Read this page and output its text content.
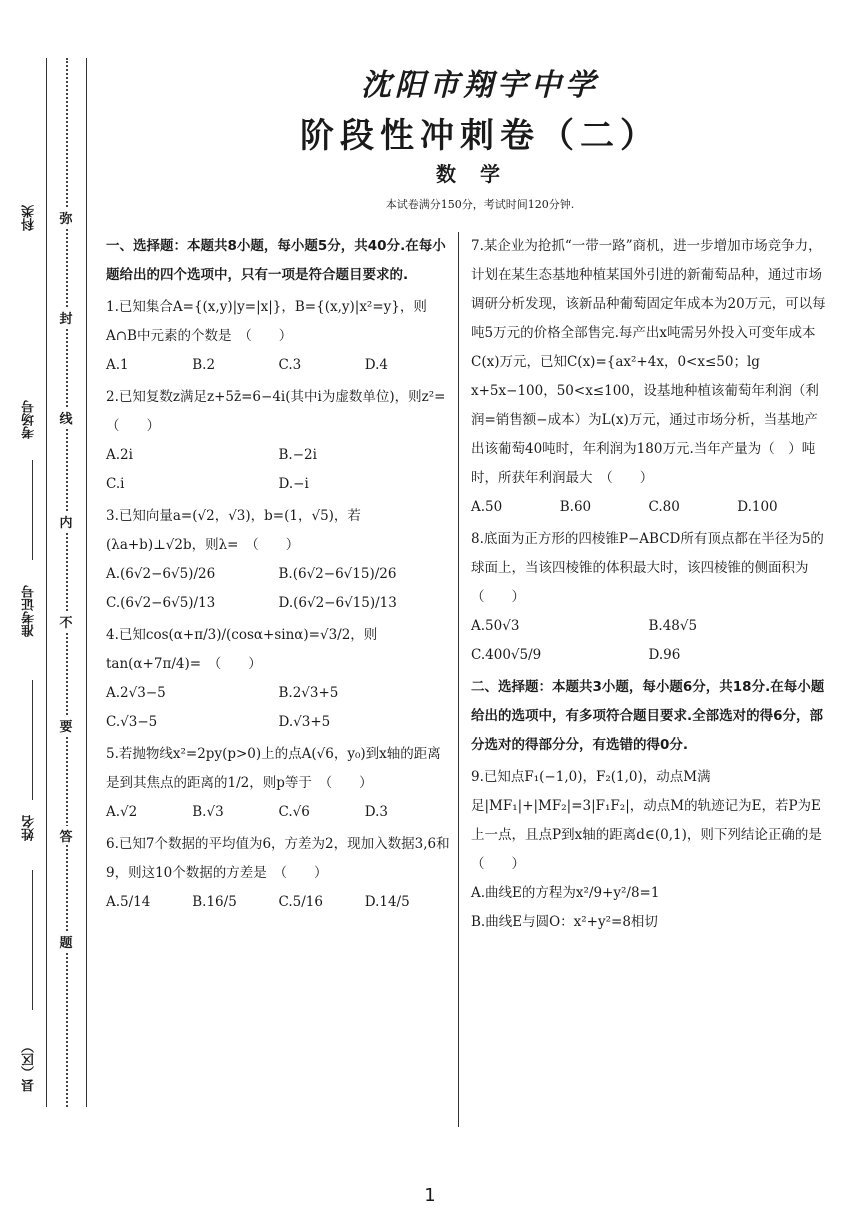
科类
考场号
准考证号
姓名
县（区）
弥
封
线
内
不
要
答
题
沈阳市翔宇中学
阶段性冲刺卷（二）
数学
本试卷满分150分，考试时间120分钟.
一、选择题：本题共8小题，每小题5分，共40分.在每小题给出的四个选项中，只有一项是符合题目要求的.
1.已知集合A={(x,y)|y=|x|}，B={(x,y)|x²=y}，则A∩B中元素的个数是　（　　）
A.1	B.2	C.3	D.4
2.已知复数z满足z+5z̄=6−4i(其中i为虚数单位)，则z²=　（　　）
A.2i	B.−2i
C.i	D.−i
3.已知向量a=(√2，√3)，b=(1，√5)，若(λa+b)⊥√2b，则λ=　（　　）
A.(6√2−6√5)/26	B.(6√2−6√15)/26
C.(6√2−6√5)/13	D.(6√2−6√15)/13
4.已知cos(α+π/3)/(cosα+sinα)=√3/2，则tan(α+7π/4)=　（　　）
A.2√3−5	B.2√3+5
C.√3−5	D.√3+5
5.若抛物线x²=2py(p>0)上的点A(√6，y₀)到x轴的距离是到其焦点的距离的1/2，则p等于　（　　）
A.√2	B.√3	C.√6	D.3
6.已知7个数据的平均值为6，方差为2，现加入数据3,6和9，则这10个数据的方差是　（　　）
A.5/14	B.16/5	C.5/16	D.14/5
7.某企业为抢抓“一带一路”商机，进一步增加市场竞争力，计划在某生态基地种植某国外引进的新葡萄品种，通过市场调研分析发现，该新品种葡萄固定年成本为20万元，可以每吨5万元的价格全部售完.每产出x吨需另外投入可变年成本C(x)万元，已知C(x)={ax²+4x，0<x≤50；lg x+5x−100，50<x≤100，设基地种植该葡萄年利润（利润=销售额−成本）为L(x)万元，通过市场分析，当基地产出该葡萄40吨时，年利润为180万元.当年产量为（　）吨时，所获年利润最大　（　　）
A.50	B.60	C.80	D.100
8.底面为正方形的四棱锥P−ABCD所有顶点都在半径为5的球面上，当该四棱锥的体积最大时，该四棱锥的侧面积为　（　　）
A.50√3	B.48√5
C.400√5/9	D.96
二、选择题：本题共3小题，每小题6分，共18分.在每小题给出的选项中，有多项符合题目要求.全部选对的得6分，部分选对的得部分分，有选错的得0分.
9.已知点F₁(−1,0)，F₂(1,0)，动点M满足|MF₁|+|MF₂|=3|F₁F₂|，动点M的轨迹记为E，若P为E上一点，且点P到x轴的距离d∈(0,1)，则下列结论正确的是（　　）
A.曲线E的方程为x²/9+y²/8=1
B.曲线E与圆O：x²+y²=8相切
1
